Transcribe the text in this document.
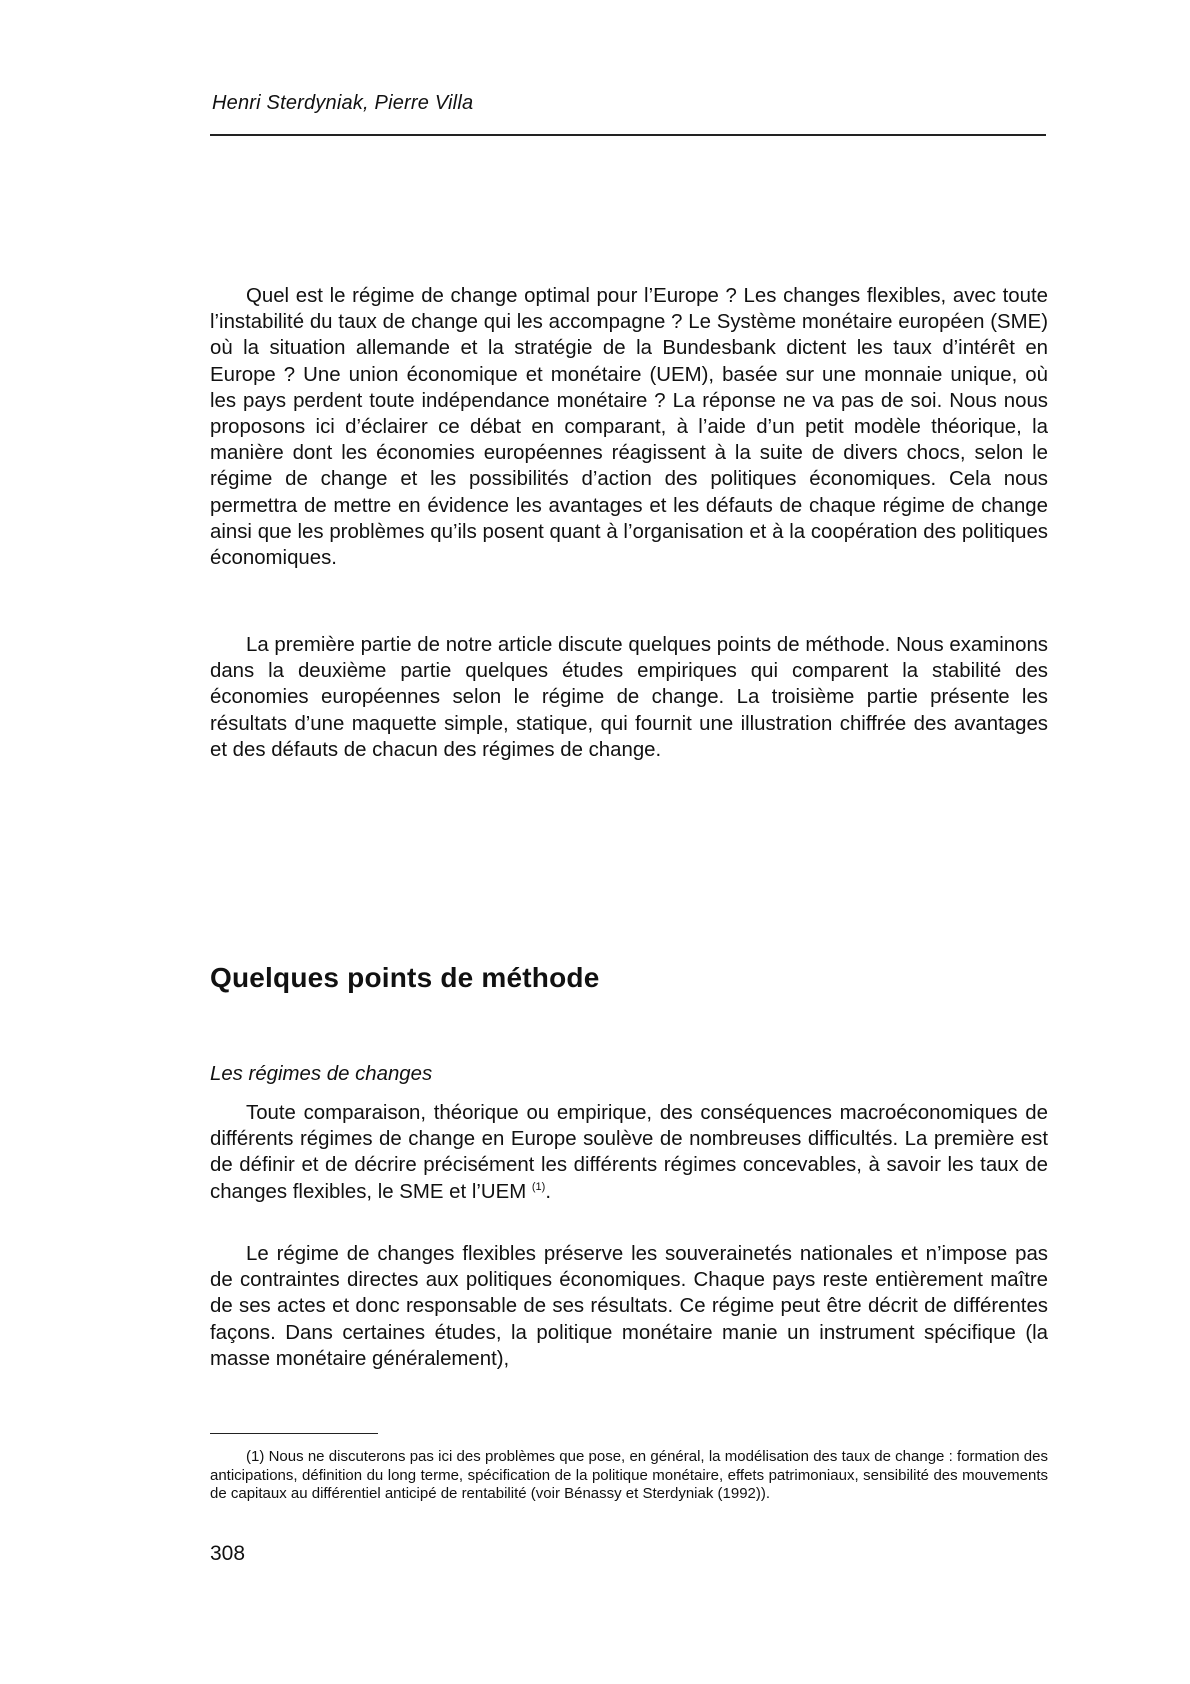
Henri Sterdyniak, Pierre Villa

Quel est le régime de change optimal pour l’Europe ? Les changes flexibles, avec toute l’instabilité du taux de change qui les accompagne ? Le Système monétaire européen (SME) où la situation allemande et la stratégie de la Bundesbank dictent les taux d’intérêt en Europe ? Une union économique et monétaire (UEM), basée sur une monnaie unique, où les pays perdent toute indépendance monétaire ? La réponse ne va pas de soi. Nous nous proposons ici d’éclairer ce débat en comparant, à l’aide d’un petit modèle théorique, la manière dont les économies européennes réagissent à la suite de divers chocs, selon le régime de change et les possibilités d’action des politiques économiques. Cela nous permettra de mettre en évidence les avantages et les défauts de chaque régime de change ainsi que les problèmes qu’ils posent quant à l’organisation et à la coopération des politiques économiques.

La première partie de notre article discute quelques points de méthode. Nous examinons dans la deuxième partie quelques études empiriques qui comparent la stabilité des économies européennes selon le régime de change. La troisième partie présente les résultats d’une maquette simple, statique, qui fournit une illustration chiffrée des avantages et des défauts de chacun des régimes de change.

Quelques points de méthode
Les régimes de changes

Toute comparaison, théorique ou empirique, des conséquences macroéconomiques de différents régimes de change en Europe soulève de nombreuses difficultés. La première est de définir et de décrire précisément les différents régimes concevables, à savoir les taux de changes flexibles, le SME et l’UEM $^{(1)}$.

Le régime de changes flexibles préserve les souverainetés nationales et n’impose pas de contraintes directes aux politiques économiques. Chaque pays reste entièrement maître de ses actes et donc responsable de ses résultats. Ce régime peut être décrit de différentes façons. Dans certaines études, la politique monétaire manie un instrument spécifique (la masse monétaire généralement),

(1) Nous ne discuterons pas ici des problèmes que pose, en général, la modélisation des taux de change : formation des anticipations, définition du long terme, spécification de la politique monétaire, effets patrimoniaux, sensibilité des mouvements de capitaux au différentiel anticipé de rentabilité (voir Bénassy et Sterdyniak (1992)).

308
